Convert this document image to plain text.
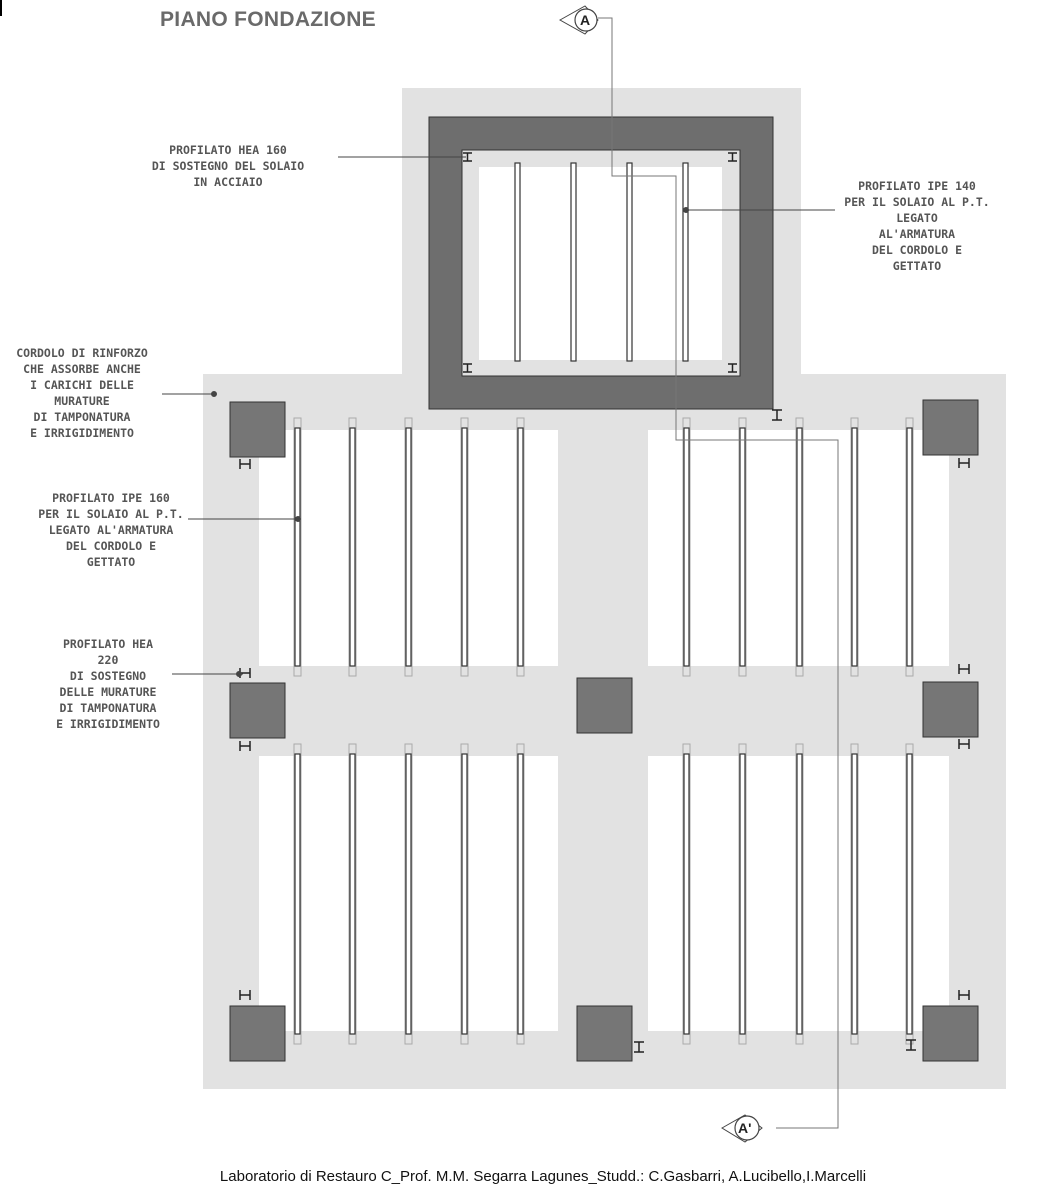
PIANO FONDAZIONE	A
A'
PROFILATO HEA 160
DI SOSTEGNO DEL SOLAIO
IN ACCIAIO	PROFILATO IPE 140
PER IL SOLAIO AL P.T.
LEGATO
AL'ARMATURA
DEL CORDOLO E
GETTATO
CORDOLO DI RINFORZO
CHE ASSORBE ANCHE
I CARICHI DELLE
MURATURE
DI TAMPONATURA
E IRRIGIDIMENTO
PROFILATO IPE 160
PER IL SOLAIO AL P.T.
LEGATO AL'ARMATURA
DEL CORDOLO E
GETTATO
PROFILATO HEA
220
DI SOSTEGNO
DELLE MURATURE
DI TAMPONATURA
E IRRIGIDIMENTO
Laboratorio di Restauro C_Prof. M.M. Segarra Lagunes_Studd.: C.Gasbarri, A.Lucibello,I.Marcelli
